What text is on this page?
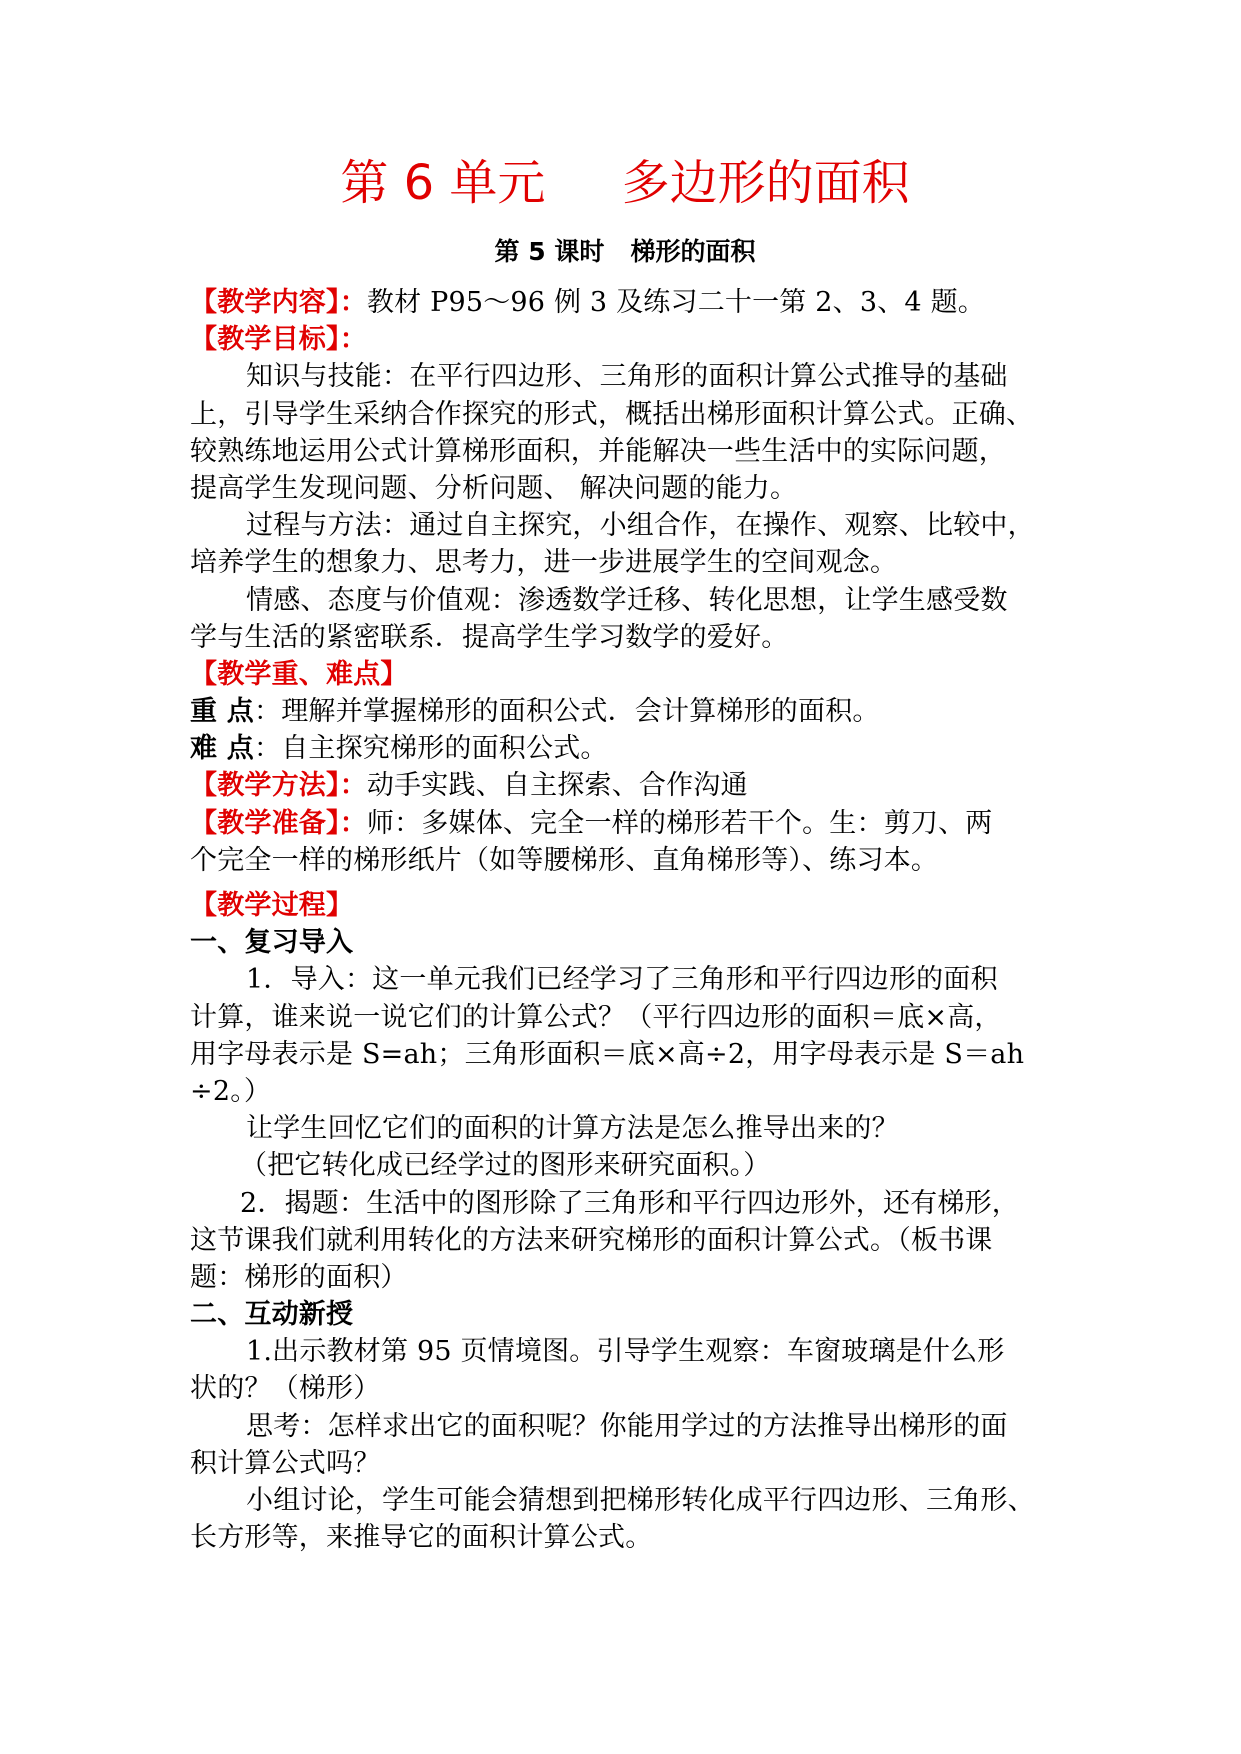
第 6 单元     多边形的面积
第 5 课时   梯形的面积
【教学内容】：教材 P95～96 例 3 及练习二十一第 2、3、4 题。
【教学目标】：
知识与技能：在平行四边形、三角形的面积计算公式推导的基础
上，引导学生采纳合作探究的形式，概括出梯形面积计算公式。正确、
较熟练地运用公式计算梯形面积，并能解决一些生活中的实际问题，
提高学生发现问题、分析问题、 解决问题的能力。
过程与方法：通过自主探究，小组合作，在操作、观察、比较中，
培养学生的想象力、思考力，进一步进展学生的空间观念。
情感、态度与价值观：渗透数学迁移、转化思想，让学生感受数
学与生活的紧密联系．提高学生学习数学的爱好。
【教学重、难点】
重 点：理解并掌握梯形的面积公式．会计算梯形的面积。
难 点：自主探究梯形的面积公式。
【教学方法】：动手实践、自主探索、合作沟通
【教学准备】：师：多媒体、完全一样的梯形若干个。生：剪刀、两
个完全一样的梯形纸片（如等腰梯形、直角梯形等）、练习本。
【教学过程】
一、复习导入
1．导入：这一单元我们已经学习了三角形和平行四边形的面积
计算，谁来说一说它们的计算公式？（平行四边形的面积＝底×高，
用字母表示是 S=ah；三角形面积＝底×高÷2，用字母表示是 S＝ah
÷2。）
让学生回忆它们的面积的计算方法是怎么推导出来的？
（把它转化成已经学过的图形来研究面积。）
2．揭题：生活中的图形除了三角形和平行四边形外，还有梯形，
这节课我们就利用转化的方法来研究梯形的面积计算公式。（板书课
题：梯形的面积）
二、互动新授
1.出示教材第 95 页情境图。引导学生观察：车窗玻璃是什么形
状的？（梯形）
思考：怎样求出它的面积呢？你能用学过的方法推导出梯形的面
积计算公式吗？
小组讨论，学生可能会猜想到把梯形转化成平行四边形、三角形、
长方形等，来推导它的面积计算公式。
